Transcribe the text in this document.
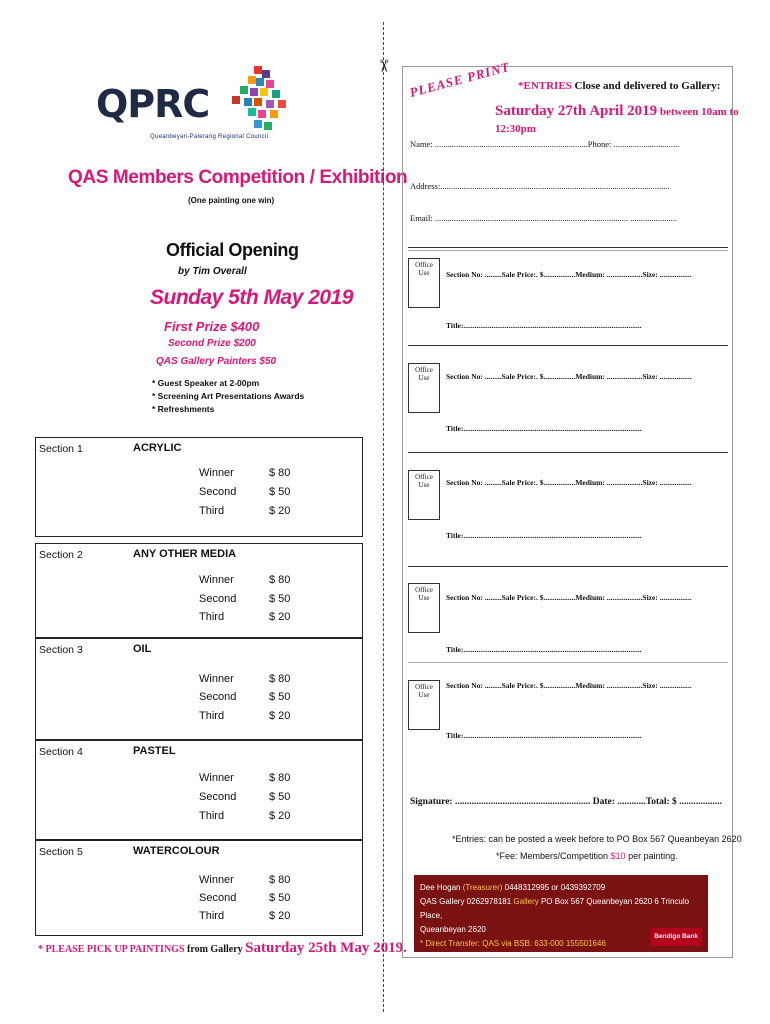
QPRC
Queanbeyan-Palerang Regional Council
QAS Members Competition / Exhibition
(One painting one win)
Official Opening
by Tim Overall
Sunday 5th May 2019
First Prize $400
Second Prize $200
QAS Gallery Painters $50
* Guest Speaker at 2-00pm
* Screening Art Presentations Awards
* Refreshments
Section 1	ACRYLIC
Winner	$ 80
Second	$ 50
Third	$ 20
Section 2	ANY OTHER MEDIA
Winner	$ 80
Second	$ 50
Third	$ 20
Section 3	OIL
Winner	$ 80
Second	$ 50
Third	$ 20
Section 4	PASTEL
Winner	$ 80
Second	$ 50
Third	$ 20
Section 5	WATERCOLOUR
Winner	$ 80
Second	$ 50
Third	$ 20
* PLEASE PICK UP PAINTINGS from Gallery Saturday 25th May 2019.
✂ PLEASE PRINT *ENTRIES Close and delivered to Gallery:
Saturday 27th April 2019 between 10am to 12:30pm
Name: ........................................................................Phone: ...............................
Address:............................................................................................................
Email: ........................................................................................... ......................
Office Use	Section No: .........Sale Price:. $.................Medium: ...................Size: .................
Title:...............................................................................................
Office Use	Section No: .........Sale Price:. $.................Medium: ...................Size: .................
Title:...............................................................................................
Office Use	Section No: .........Sale Price:. $.................Medium: ...................Size: .................
Title:...............................................................................................
Office Use	Section No: .........Sale Price:. $.................Medium: ...................Size: .................
Title:...............................................................................................
Office Use
Section No: .........Sale Price:. $.................Medium: ...................Size: .................
Title:...............................................................................................
Signature: ......................................................... Date: ............Total: $ ..................
*Entries: can be posted a week before to PO Box 567 Queanbeyan 2620
*Fee: Members/Competition $10 per painting.
Dee Hogan (Treasurer) 0448312995 or 0439392709
QAS Gallery 0262978181 Gallery PO Box 567 Queanbeyan 2620 6 Trinculo Place,
Queanbeyan 2620
* Direct Transfer: QAS via BSB: 633-000 155501646
Bendigo Bank
